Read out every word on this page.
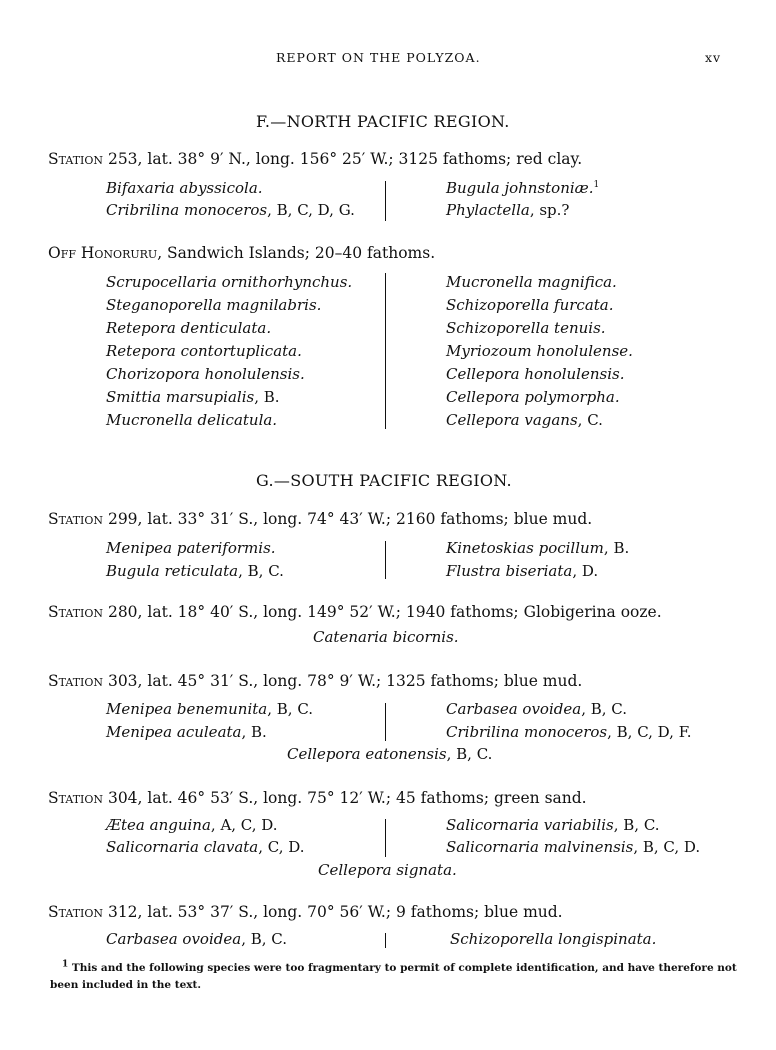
REPORT ON THE POLYZOA.	xv
F.—NORTH PACIFIC REGION.
Station 253, lat. 38° 9′ N., long. 156° 25′ W.; 3125 fathoms; red clay.
Bifaxaria abyssicola.
Cribrilina monoceros, B, C, D, G.
Bugula johnstoniæ.$^1$
Phylactella, sp.?
Off Honoruru, Sandwich Islands; 20–40 fathoms.
Scrupocellaria ornithorhynchus.
Steganoporella magnilabris.
Retepora denticulata.
Retepora contortuplicata.
Chorizopora honolulensis.
Smittia marsupialis, B.
Mucronella delicatula.
Mucronella magnifica.
Schizoporella furcata.
Schizoporella tenuis.
Myriozoum honolulense.
Cellepora honolulensis.
Cellepora polymorpha.
Cellepora vagans, C.
G.—SOUTH PACIFIC REGION.
Station 299, lat. 33° 31′ S., long. 74° 43′ W.; 2160 fathoms; blue mud.
Menipea pateriformis.
Bugula reticulata, B, C.
Kinetoskias pocillum, B.
Flustra biseriata, D.
Station 280, lat. 18° 40′ S., long. 149° 52′ W.; 1940 fathoms; Globigerina ooze.
Catenaria bicornis.
Station 303, lat. 45° 31′ S., long. 78° 9′ W.; 1325 fathoms; blue mud.
Menipea benemunita, B, C.
Menipea aculeata, B.
Carbasea ovoidea, B, C.
Cribrilina monoceros, B, C, D, F.
Cellepora eatonensis, B, C.
Station 304, lat. 46° 53′ S., long. 75° 12′ W.; 45 fathoms; green sand.
Ætea anguina, A, C, D.
Salicornaria clavata, C, D.
Salicornaria variabilis, B, C.
Salicornaria malvinensis, B, C, D.
Cellepora signata.
Station 312, lat. 53° 37′ S., long. 70° 56′ W.; 9 fathoms; blue mud.
Carbasea ovoidea, B, C.	Schizoporella longispinata.
$^1$ This and the following species were too fragmentary to permit of complete identification, and have therefore not
been included in the text.
